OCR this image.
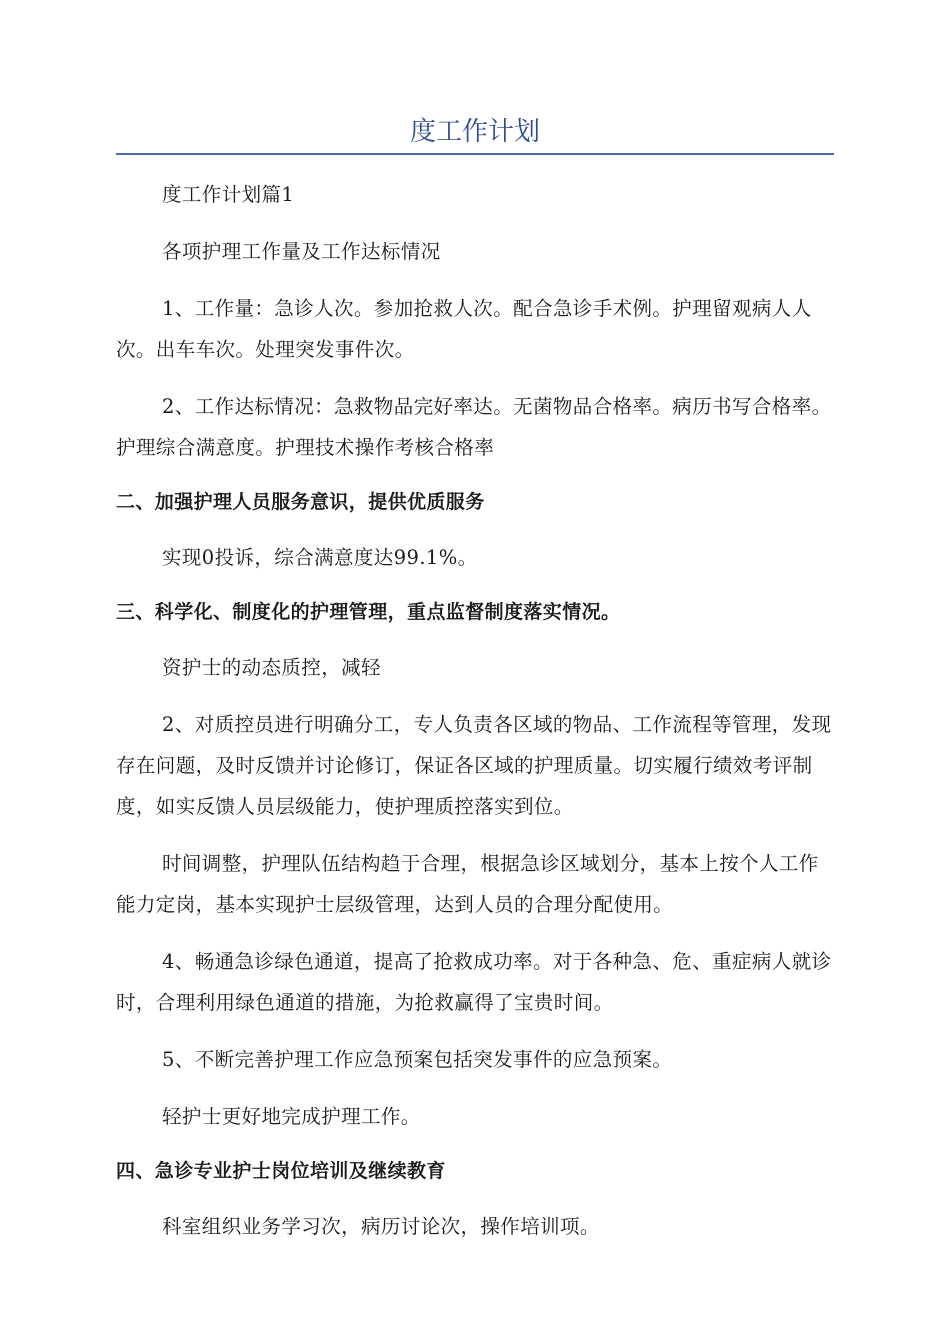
度工作计划

度工作计划篇1

各项护理工作量及工作达标情况

1、工作量：急诊人次。参加抢救人次。配合急诊手术例。护理留观病人人次。出车车次。处理突发事件次。

2、工作达标情况：急救物品完好率达。无菌物品合格率。病历书写合格率。护理综合满意度。护理技术操作考核合格率

二、加强护理人员服务意识，提供优质服务

实现0投诉，综合满意度达99.1%。

三、科学化、制度化的护理管理，重点监督制度落实情况。

资护士的动态质控，减轻

2、对质控员进行明确分工，专人负责各区域的物品、工作流程等管理，发现存在问题，及时反馈并讨论修订，保证各区域的护理质量。切实履行绩效考评制度，如实反馈人员层级能力，使护理质控落实到位。

时间调整，护理队伍结构趋于合理，根据急诊区域划分，基本上按个人工作能力定岗，基本实现护士层级管理，达到人员的合理分配使用。

4、畅通急诊绿色通道，提高了抢救成功率。对于各种急、危、重症病人就诊时，合理利用绿色通道的措施，为抢救赢得了宝贵时间。

5、不断完善护理工作应急预案包括突发事件的应急预案。

轻护士更好地完成护理工作。

四、急诊专业护士岗位培训及继续教育

科室组织业务学习次，病历讨论次，操作培训项。
